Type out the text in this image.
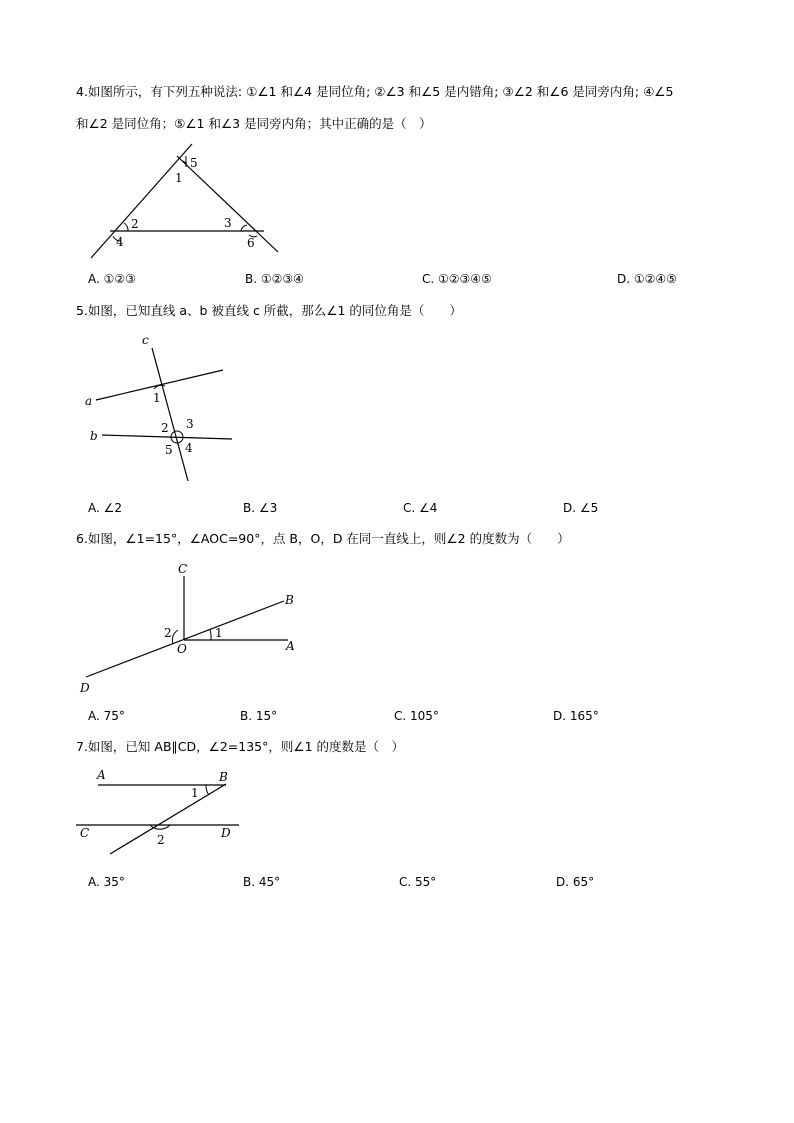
4.如图所示，有下列五种说法: ①∠1 和∠4 是同位角; ②∠3 和∠5 是内错角; ③∠2 和∠6 是同旁内角; ④∠5
和∠2 是同位角；⑤∠1 和∠3 是同旁内角；其中正确的是（　）
5
1
2	3
4	6
A. ①②③	B. ①②③④	C. ①②③④⑤	D. ①②④⑤
5.如图，已知直线 a、b 被直线 c 所截，那么∠1 的同位角是（　　）
c
a
b
1
2 3
5 4
A. ∠2	B. ∠3	C. ∠4	D. ∠5
6.如图，∠1=15°，∠AOC=90°，点 B，O，D 在同一直线上，则∠2 的度数为（　　）
C
B
A
O
D
1
2
A. 75°	B. 15°	C. 105°	D. 165°
7.如图，已知 AB∥CD，∠2=135°，则∠1 的度数是（　）
A	B
C	D
1
2
A. 35°	B. 45°	C. 55°	D. 65°
